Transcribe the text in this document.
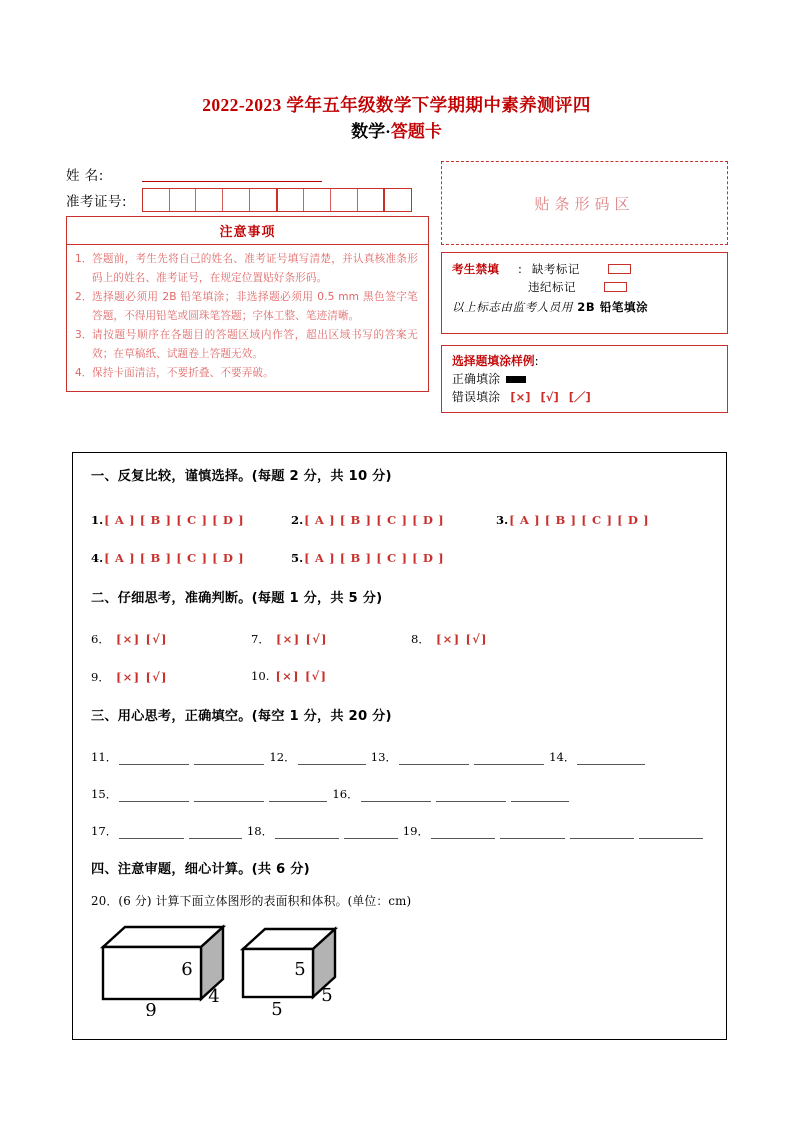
2022-2023 学年五年级数学下学期期中素养测评四
数学·答题卡
姓 名:
准考证号:
注意事项
1． 答题前，考生先将自己的姓名、准考证号填写清楚，并认真核准条形码上的姓名、准考证号，在规定位置贴好条形码。
2． 选择题必须用 2B 铅笔填涂；非选择题必须用 0.5 mm 黑色签字笔答题，不得用铅笔或圆珠笔答题；字体工整、笔迹清晰。
3． 请按题号顺序在各题目的答题区域内作答，超出区域书写的答案无效；在草稿纸、试题卷上答题无效。
4． 保持卡面清洁，不要折叠、不要弄破。
贴条形码区
考生禁填	: 缺考标记
违纪标记
以上标志由监考人员用 2B 铅笔填涂
选择题填涂样例:
正确填涂
错误填涂 [×] [√] [／]
一、反复比较，谨慎选择。(每题 2 分，共 10 分)
1. [ A ] [ B ] [ C ] [ D ]	2. [ A ] [ B ] [ C ] [ D ]	3. [ A ] [ B ] [ C ] [ D ]
4. [ A ] [ B ] [ C ] [ D ]	5. [ A ] [ B ] [ C ] [ D ]
二、仔细思考，准确判断。(每题 1 分，共 5 分)
6． [×] [√]	7． [×] [√]	8． [×] [√]
9． [×] [√]	10. [×] [√]
三、用心思考，正确填空。(每空 1 分，共 20 分)
11．	12．	13．	14．
15．	16．
17．	18．	19．
四、注意审题，细心计算。(共 6 分)
20．(6 分) 计算下面立体图形的表面积和体积。(单位：cm)
6
4
9
5
5
5
